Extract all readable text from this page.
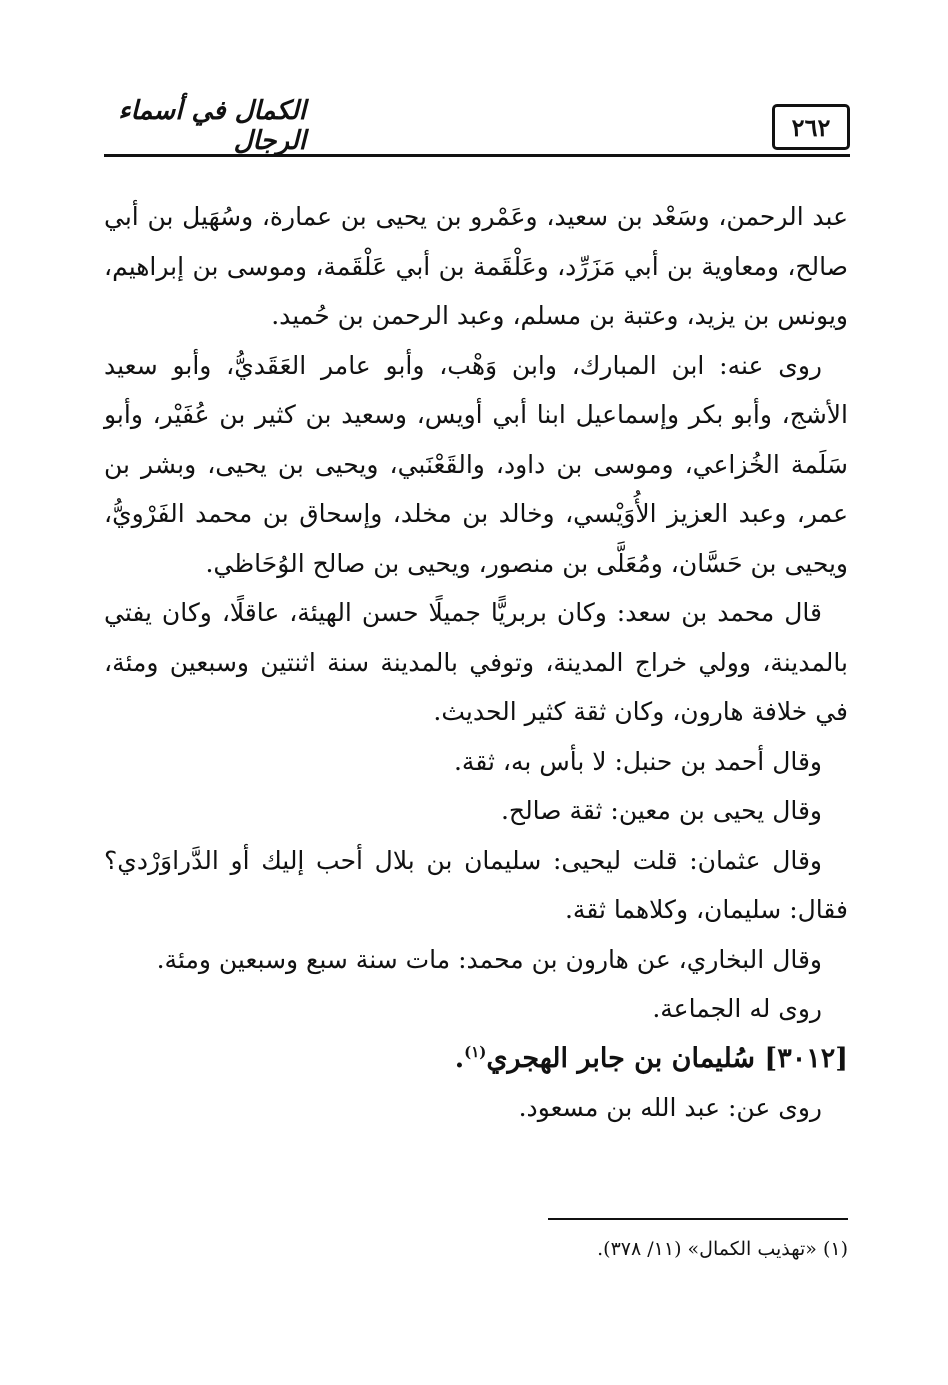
الكمال في أسماء الرجال	٢٦٢

عبد الرحمن، وسَعْد بن سعيد، وعَمْرو بن يحيى بن عمارة، وسُهَيل بن أبي صالح، ومعاوية بن أبي مَزَرِّد، وعَلْقَمة بن أبي عَلْقَمة، وموسى بن إبراهيم، ويونس بن يزيد، وعتبة بن مسلم، وعبد الرحمن بن حُميد.

روى عنه: ابن المبارك، وابن وَهْب، وأبو عامر العَقَديُّ، وأبو سعيد الأشج، وأبو بكر وإسماعيل ابنا أبي أويس، وسعيد بن كثير بن عُفَيْر، وأبو سَلَمة الخُزاعي، وموسى بن داود، والقَعْنَبي، ويحيى بن يحيى، وبشر بن عمر، وعبد العزيز الأُوَيْسي، وخالد بن مخلد، وإسحاق بن محمد الفَرْويُّ، ويحيى بن حَسَّان، ومُعَلَّى بن منصور، ويحيى بن صالح الوُحَاظي.

قال محمد بن سعد: وكان بربريًّا جميلًا حسن الهيئة، عاقلًا، وكان يفتي بالمدينة، وولي خراج المدينة، وتوفي بالمدينة سنة اثنتين وسبعين ومئة، في خلافة هارون، وكان ثقة كثير الحديث.

وقال أحمد بن حنبل: لا بأس به، ثقة.

وقال يحيى بن معين: ثقة صالح.

وقال عثمان: قلت ليحيى: سليمان بن بلال أحب إليك أو الدَّراوَرْدي؟ فقال: سليمان، وكلاهما ثقة.

وقال البخاري، عن هارون بن محمد: مات سنة سبع وسبعين ومئة.

روى له الجماعة.

[٣٠١٢] سُليمان بن جابر الهجري$^{(١)}$.

روى عن: عبد الله بن مسعود.

(١) «تهذيب الكمال» (١١/ ٣٧٨).
